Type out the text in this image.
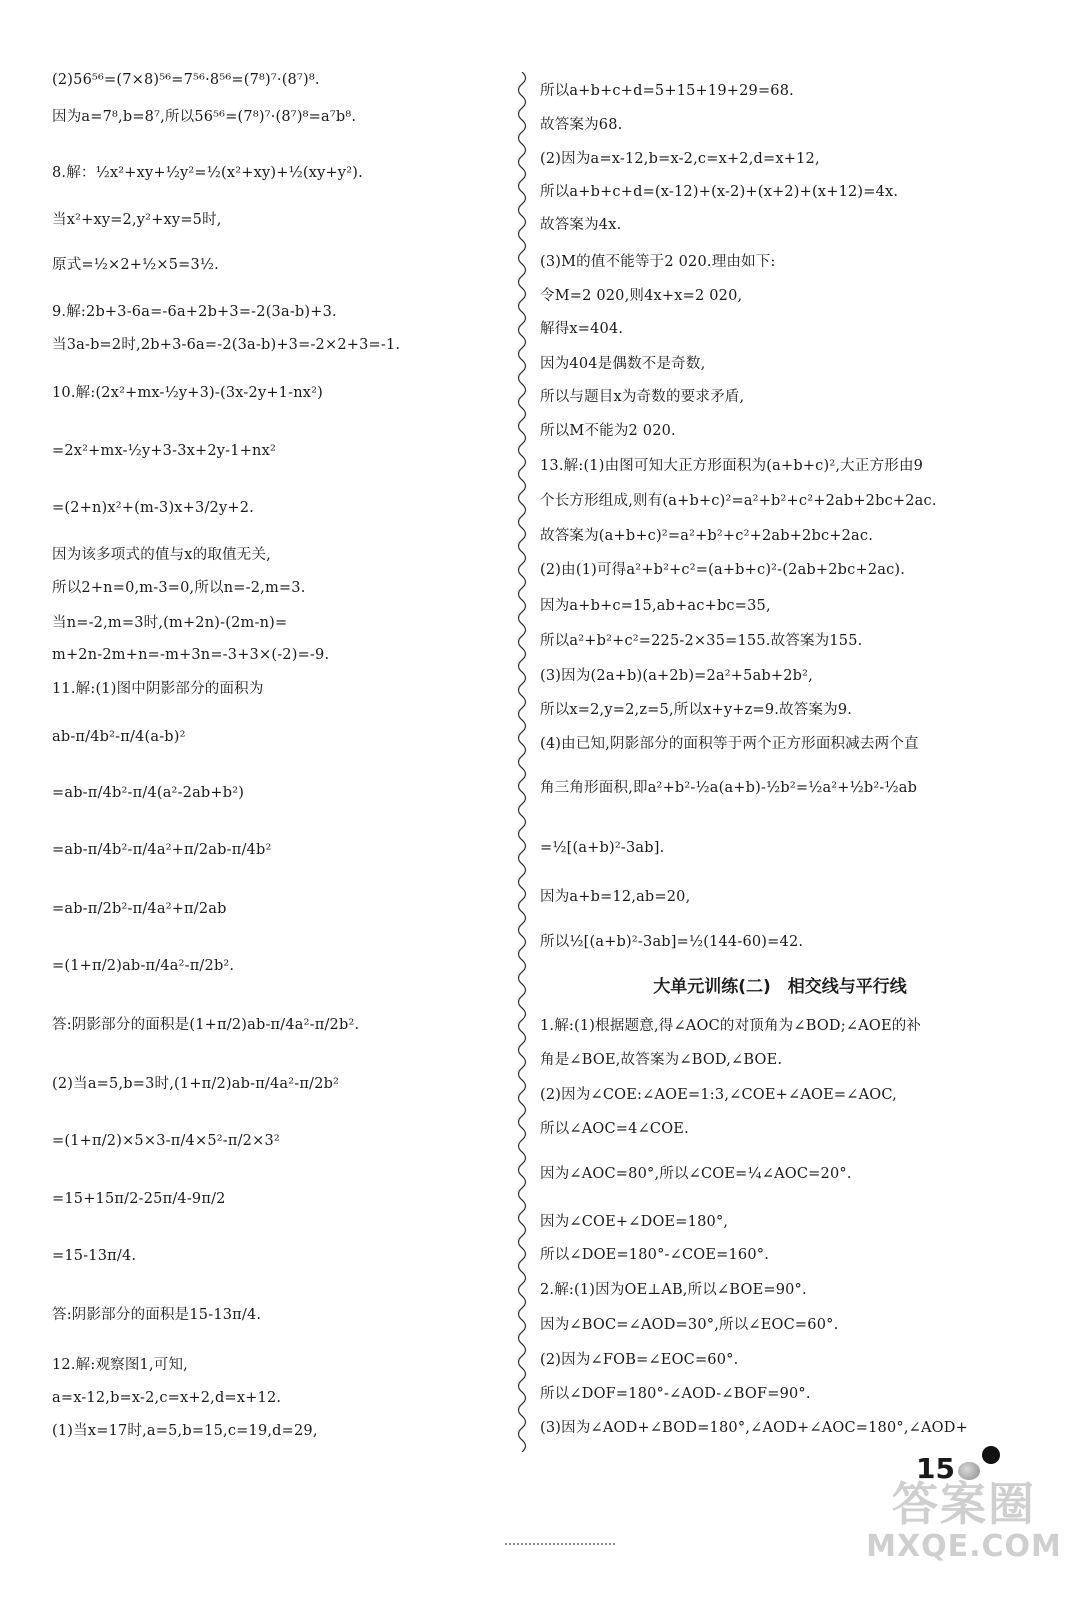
(2)56⁵⁶=(7×8)⁵⁶=7⁵⁶·8⁵⁶=(7⁸)⁷·(8⁷)⁸.
因为a=7⁸,b=8⁷,所以56⁵⁶=(7⁸)⁷·(8⁷)⁸=a⁷b⁸.
8.解：½x²+xy+½y²=½(x²+xy)+½(xy+y²).
当x²+xy=2,y²+xy=5时,
原式=½×2+½×5=3½.
9.解:2b+3-6a=-6a+2b+3=-2(3a-b)+3.
当3a-b=2时,2b+3-6a=-2(3a-b)+3=-2×2+3=-1.
10.解:(2x²+mx-½y+3)-(3x-2y+1-nx²)
=2x²+mx-½y+3-3x+2y-1+nx²
=(2+n)x²+(m-3)x+3/2y+2.
因为该多项式的值与x的取值无关,
所以2+n=0,m-3=0,所以n=-2,m=3.
当n=-2,m=3时,(m+2n)-(2m-n)=
m+2n-2m+n=-m+3n=-3+3×(-2)=-9.
11.解:(1)图中阴影部分的面积为
ab-π/4b²-π/4(a-b)²
=ab-π/4b²-π/4(a²-2ab+b²)
=ab-π/4b²-π/4a²+π/2ab-π/4b²
=ab-π/2b²-π/4a²+π/2ab
=(1+π/2)ab-π/4a²-π/2b².
答:阴影部分的面积是(1+π/2)ab-π/4a²-π/2b².
(2)当a=5,b=3时,(1+π/2)ab-π/4a²-π/2b²
=(1+π/2)×5×3-π/4×5²-π/2×3²
=15+15π/2-25π/4-9π/2
=15-13π/4.
答:阴影部分的面积是15-13π/4.
12.解:观察图1,可知,
a=x-12,b=x-2,c=x+2,d=x+12.
(1)当x=17时,a=5,b=15,c=19,d=29,
所以a+b+c+d=5+15+19+29=68.
故答案为68.
(2)因为a=x-12,b=x-2,c=x+2,d=x+12,
所以a+b+c+d=(x-12)+(x-2)+(x+2)+(x+12)=4x.
故答案为4x.
(3)M的值不能等于2 020.理由如下:
令M=2 020,则4x+x=2 020,
解得x=404.
因为404是偶数不是奇数,
所以与题目x为奇数的要求矛盾,
所以M不能为2 020.
13.解:(1)由图可知大正方形面积为(a+b+c)²,大正方形由9
个长方形组成,则有(a+b+c)²=a²+b²+c²+2ab+2bc+2ac.
故答案为(a+b+c)²=a²+b²+c²+2ab+2bc+2ac.
(2)由(1)可得a²+b²+c²=(a+b+c)²-(2ab+2bc+2ac).
因为a+b+c=15,ab+ac+bc=35,
所以a²+b²+c²=225-2×35=155.故答案为155.
(3)因为(2a+b)(a+2b)=2a²+5ab+2b²,
所以x=2,y=2,z=5,所以x+y+z=9.故答案为9.
(4)由已知,阴影部分的面积等于两个正方形面积减去两个直
角三角形面积,即a²+b²-½a(a+b)-½b²=½a²+½b²-½ab
=½[(a+b)²-3ab].
因为a+b=12,ab=20,
所以½[(a+b)²-3ab]=½(144-60)=42.
1.解:(1)根据题意,得∠AOC的对顶角为∠BOD;∠AOE的补
角是∠BOE,故答案为∠BOD,∠BOE.
(2)因为∠COE:∠AOE=1:3,∠COE+∠AOE=∠AOC,
所以∠AOC=4∠COE.
因为∠AOC=80°,所以∠COE=¼∠AOC=20°.
因为∠COE+∠DOE=180°,
所以∠DOE=180°-∠COE=160°.
2.解:(1)因为OE⊥AB,所以∠BOE=90°.
因为∠BOC=∠AOD=30°,所以∠EOC=60°.
(2)因为∠FOB=∠EOC=60°.
所以∠DOF=180°-∠AOD-∠BOF=90°.
(3)因为∠AOD+∠BOD=180°,∠AOD+∠AOC=180°,∠AOD+
大单元训练(二)　相交线与平行线
15
答案圈
MXQE.COM
